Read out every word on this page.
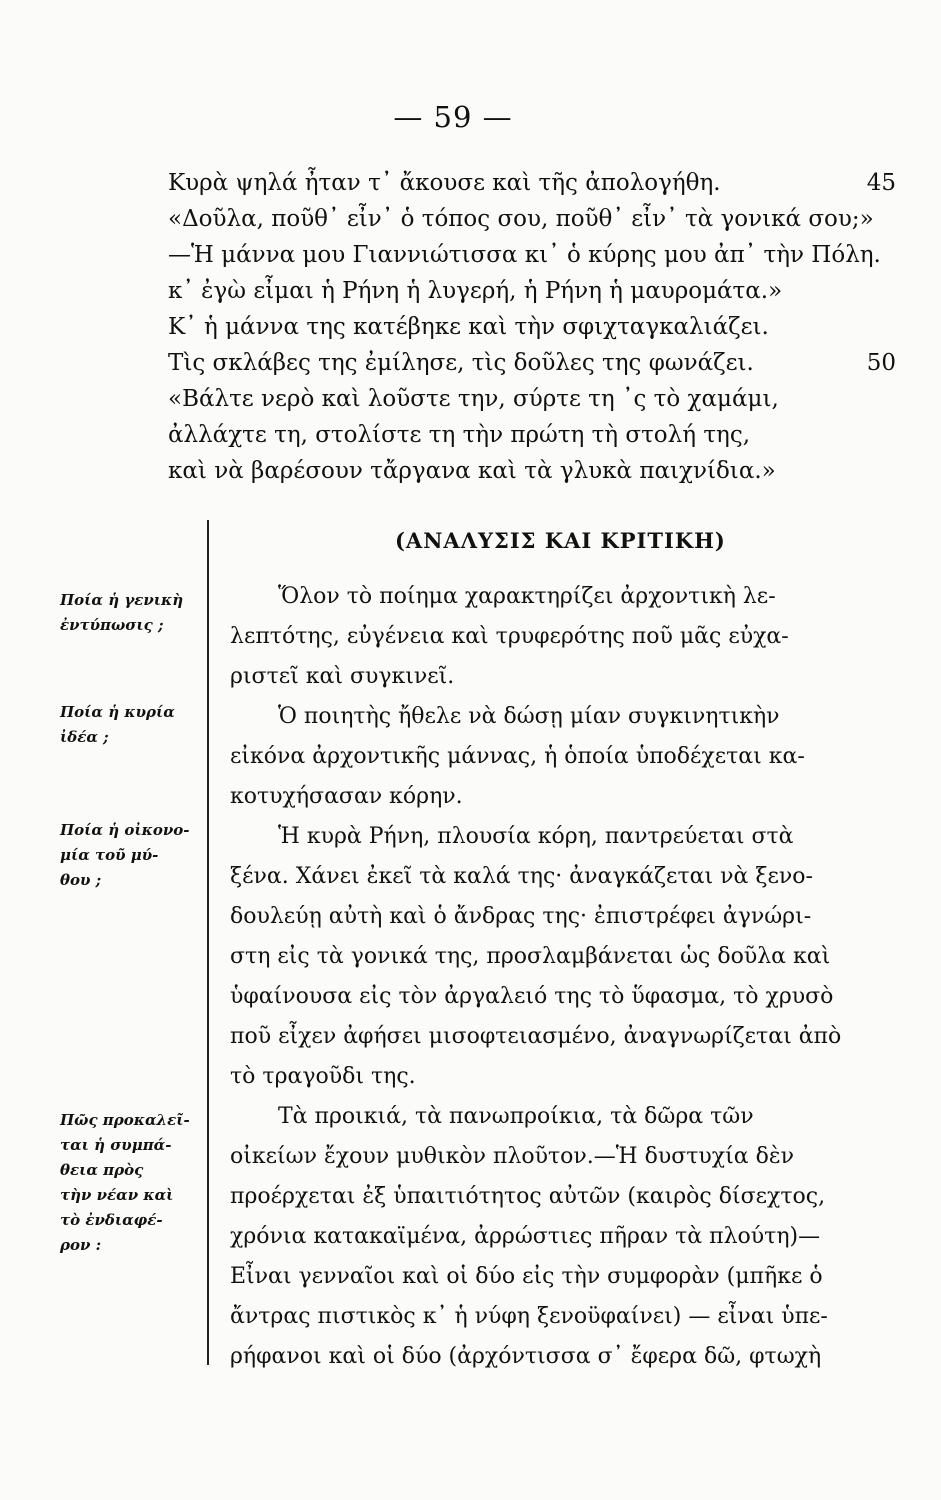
— 59 —
Κυρὰ ψηλά ἦταν τ᾽ ἄκουσε καὶ τῆς ἀπολογήθη.	45
«Δοῦλα, ποῦθ᾽ εἶν᾽ ὁ τόπος σου, ποῦθ᾽ εἶν᾽ τὰ γονικά σου;»
—Ἡ μάννα μου Γιαννιώτισσα κι᾽ ὁ κύρης μου ἀπ᾽ τὴν Πόλη.
κ᾽ ἐγὼ εἶμαι ἡ Ρήνη ἡ λυγερή, ἡ Ρήνη ἡ μαυρομάτα.»
Κ᾽ ἡ μάννα της κατέβηκε καὶ τὴν σφιχταγκαλιάζει.
Τὶς σκλάβες της ἐμίλησε, τὶς δοῦλες της φωνάζει.	50
«Βάλτε νερὸ καὶ λοῦστε την, σύρτε τη ᾽ς τὸ χαμάμι,
ἀλλάχτε τη, στολίστε τη τὴν πρώτη τὴ στολή της,
καὶ νὰ βαρέσουν τἄργανα καὶ τὰ γλυκὰ παιχνίδια.»
(ΑΝΑΛΥΣΙΣ ΚΑΙ ΚΡΙΤΙΚΗ)
Ποία ἡ γενικὴ
ἐντύπωσις ;
Ποία ἡ κυρία
ἰδέα ;
Ποία ἡ οἰκονο-
μία τοῦ μύ-
θου ;
Πῶς προκαλεῖ-
ται ἡ συμπά-
θεια πρὸς
τὴν νέαν καὶ
τὸ ἐνδιαφέ-
ρον :
Ὅλον τὸ ποίημα χαρακτηρίζει ἀρχοντικὴ λε-
λεπτότης, εὐγένεια καὶ τρυφερότης ποῦ μᾶς εὐχα-
ριστεῖ καὶ συγκινεῖ.
Ὁ ποιητὴς ἤθελε νὰ δώσῃ μίαν συγκινητικὴν
εἰκόνα ἀρχοντικῆς μάννας, ἡ ὁποία ὑποδέχεται κα-
κοτυχήσασαν κόρην.
Ἡ κυρὰ Ρήνη, πλουσία κόρη, παντρεύεται στὰ
ξένα. Χάνει ἐκεῖ τὰ καλά της· ἀναγκάζεται νὰ ξενο-
δουλεύῃ αὐτὴ καὶ ὁ ἄνδρας της· ἐπιστρέφει ἀγνώρι-
στη εἰς τὰ γονικά της, προσλαμβάνεται ὡς δοῦλα καὶ
ὑφαίνουσα εἰς τὸν ἀργαλειό της τὸ ὕφασμα, τὸ χρυσὸ
ποῦ εἶχεν ἀφήσει μισοφτειασμένο, ἀναγνωρίζεται ἀπὸ
τὸ τραγοῦδι της.
Τὰ προικιά, τὰ πανωπροίκια, τὰ δῶρα τῶν
οἰκείων ἔχουν μυθικὸν πλοῦτον.—Ἡ δυστυχία δὲν
προέρχεται ἐξ ὑπαιτιότητος αὐτῶν (καιρὸς δίσεχτος,
χρόνια κατακαϊμένα, ἀρρώστιες πῆραν τὰ πλούτη)—
Εἶναι γενναῖοι καὶ οἱ δύο εἰς τὴν συμφορὰν (μπῆκε ὁ
ἄντρας πιστικὸς κ᾽ ἡ νύφη ξενοϋφαίνει) — εἶναι ὑπε-
ρήφανοι καὶ οἱ δύο (ἀρχόντισσα σ᾽ ἔφερα δῶ, φτωχὴ
